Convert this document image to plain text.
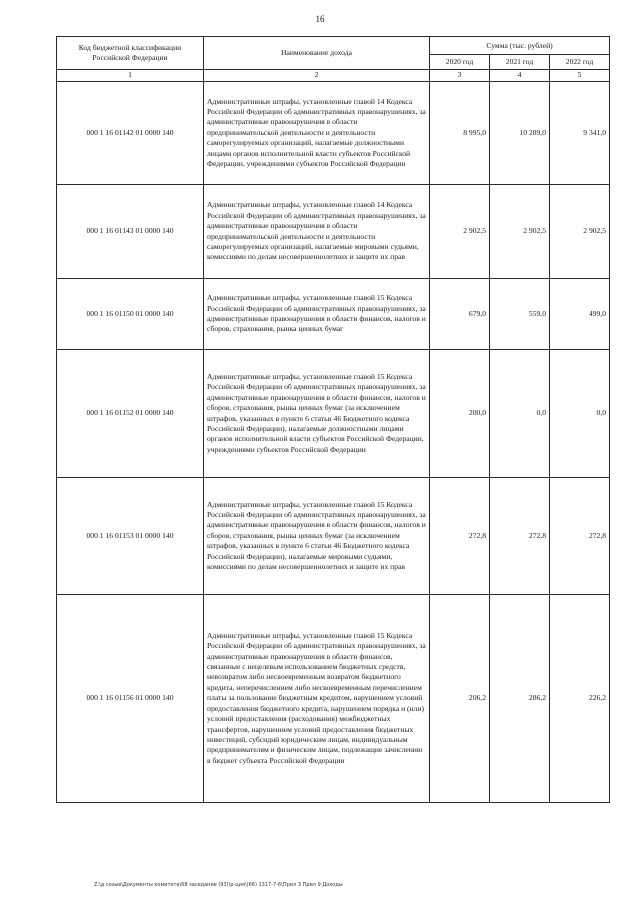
16
Код бюджетной классификации Российской Федерации	Наименование дохода	Сумма (тыс. рублей)		
		2020 год	2021 год	2022 год
1	2	3	4	5
000 1 16 01142 01 0000 140	Административные штрафы, установленные главой 14 Кодекса Российской Федерации об административных правонарушениях, за административные правонарушения в области предпринимательской деятельности и деятельности саморегулируемых организаций, налагаемые должностными лицами органов исполнительной власти субъектов Российской Федерации, учреждениями субъектов Российской Федерации	8 995,0	10 289,0	9 341,0
000 1 16 01143 01 0000 140	Административные штрафы, установленные главой 14 Кодекса Российской Федерации об административных правонарушениях, за административные правонарушения в области предпринимательской деятельности и деятельности саморегулируемых организаций, налагаемые мировыми судьями, комиссиями по делам несовершеннолетних и защите их прав	2 902,5	2 902,5	2 902,5
000 1 16 01150 01 0000 140	Административные штрафы, установленные главой 15 Кодекса Российской Федерации об административных правонарушениях, за административные правонарушения в области финансов, налогов и сборов, страхования, рынка ценных бумаг	679,0	559,0	499,0
000 1 16 01152 01 0000 140	Административные штрафы, установленные главой 15 Кодекса Российской Федерации об административных правонарушениях, за административные правонарушения в области финансов, налогов и сборов, страхования, рынка ценных бумаг (за исключением штрафов, указанных в пункте 6 статьи 46 Бюджетного кодекса Российской Федерации), налагаемые должностными лицами органов исполнительной власти субъектов Российской Федерации, учреждениями субъектов Российской Федерации	200,0	0,0	0,0
000 1 16 01153 01 0000 140	Административные штрафы, установленные главой 15 Кодекса Российской Федерации об административных правонарушениях, за административные правонарушения в области финансов, налогов и сборов, страхования, рынка ценных бумаг (за исключением штрафов, указанных в пункте 6 статьи 46 Бюджетного кодекса Российской Федерации), налагаемые мировыми судьями, комиссиями по делам несовершеннолетних и защите их прав	272,8	272,8	272,8
000 1 16 01156 01 0000 140	Административные штрафы, установленные главой 15 Кодекса Российской Федерации об административных правонарушениях, за административные правонарушения в области финансов, связанные с нецелевым использованием бюджетных средств, невозвратом либо несвоевременным возвратом бюджетного кредита, неперечислением либо несвоевременным перечислением платы за пользование бюджетным кредитом, нарушением условий предоставления бюджетного кредита, нарушением порядка и (или) условий предоставления (расходования) межбюджетных трансфертов, нарушением условий предоставления бюджетных инвестиций, субсидий юридическим лицам, индивидуальным предпринимателям и физическим лицам, подлежащие зачислению в бюджет субъекта Российской Федерации	206,2	286,2	226,2
Z:\д созыв\Документы комитета\68 заседание (93)\р-ция\(66) 1317-7-6\Прил 3 Прил 9 Доходы
